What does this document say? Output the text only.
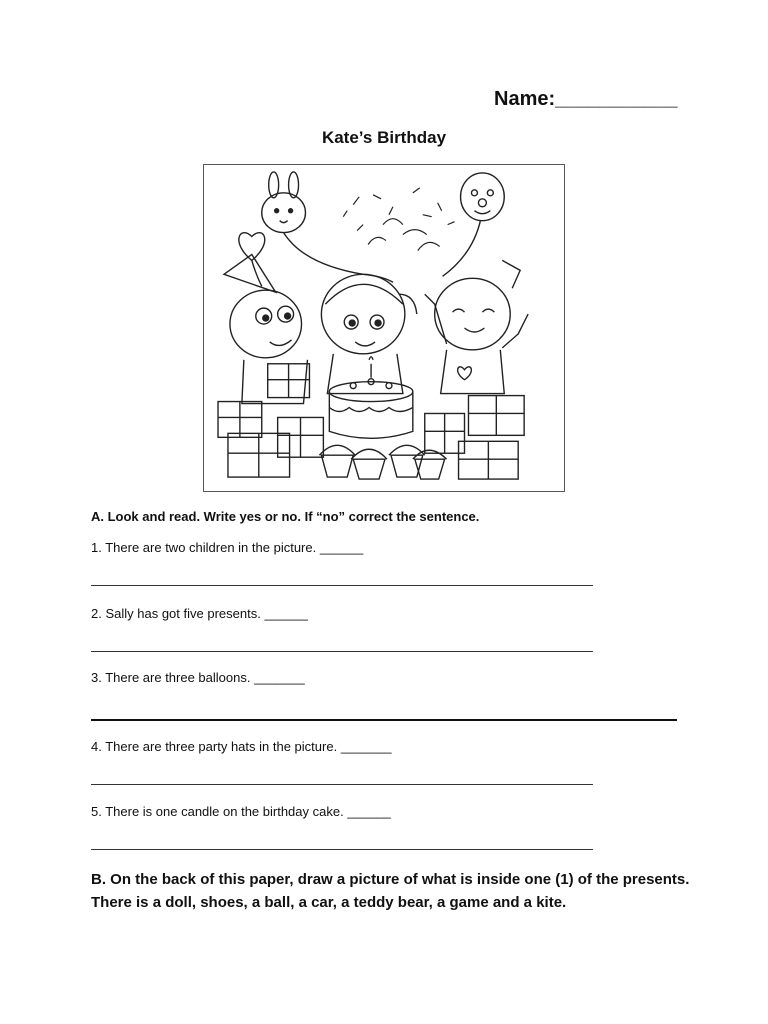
Name:___________
Kate’s Birthday
A. Look and read. Write yes or no. If “no” correct the sentence.
1. There are two children in the picture. ______
2. Sally has got five presents. ______
3. There are three balloons. _______
4. There are three party hats in the picture. _______
5. There is one candle on the birthday cake. ______
B. On the back of this paper, draw a picture of what is inside one (1) of the presents. There is a doll, shoes, a ball, a car, a teddy bear, a game and a kite.
